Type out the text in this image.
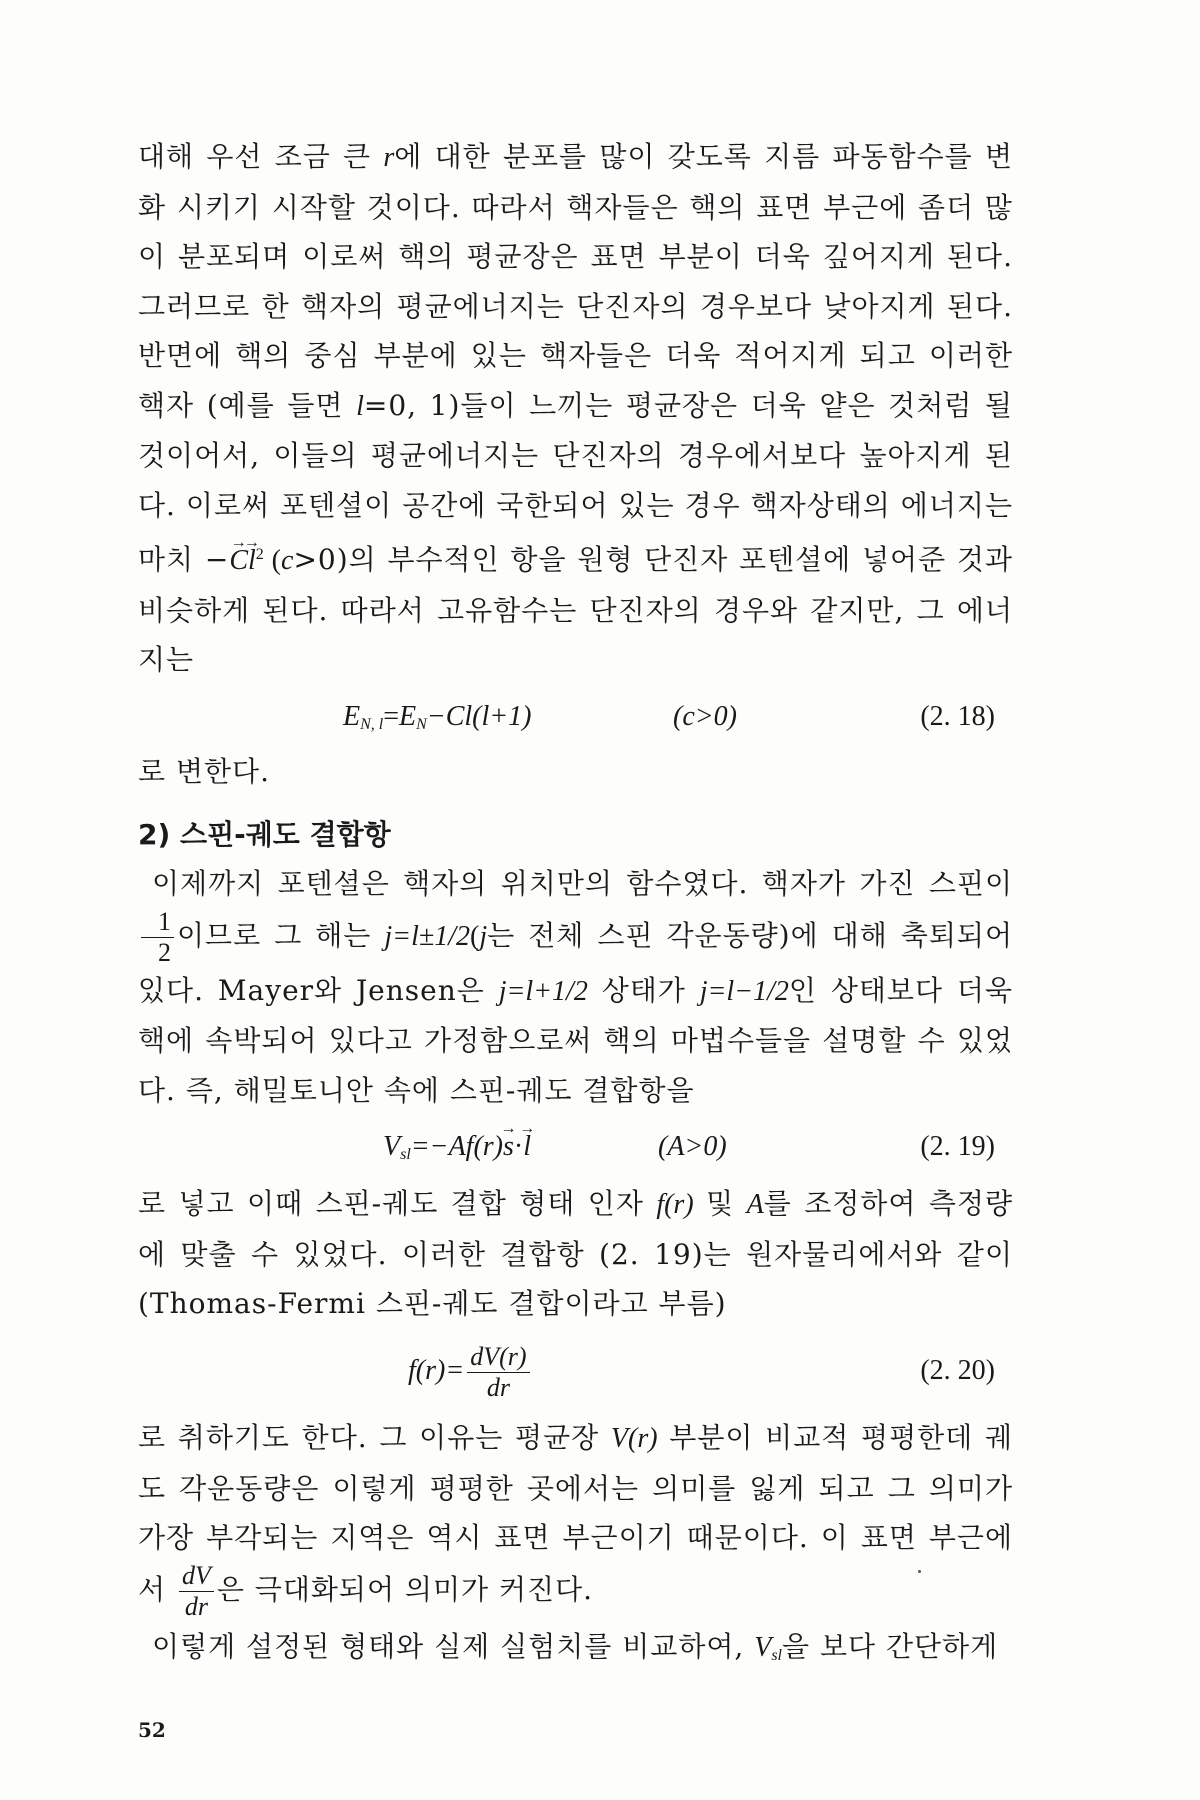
대해 우선 조금 큰 r에 대한 분포를 많이 갖도록 지름 파동함수를 변화 시키기 시작할 것이다. 따라서 핵자들은 핵의 표면 부근에 좀더 많이 분포되며 이로써 핵의 평균장은 표면 부분이 더욱 깊어지게 된다. 그러므로 한 핵자의 평균에너지는 단진자의 경우보다 낮아지게 된다. 반면에 핵의 중심 부분에 있는 핵자들은 더욱 적어지게 되고 이러한 핵자 (예를 들면 l=0, 1)들이 느끼는 평균장은 더욱 얕은 것처럼 될 것이어서, 이들의 평균에너지는 단진자의 경우에서보다 높아지게 된다. 이로써 포텐셜이 공간에 국한되어 있는 경우 핵자상태의 에너지는 마치 −→ $C\to l^2$ (c>0)의 부수적인 항을 원형 단진자 포텐셜에 넣어준 것과 비슷하게 된다. 따라서 고유함수는 단진자의 경우와 같지만, 그 에너지는

$E_{N, l}=E_N-Cl(l+1)$	(c>0)	(2. 18)
로 변한다.
2) 스핀-궤도 결합항

이제까지 포텐셜은 핵자의 위치만의 함수였다. 핵자가 가진 스핀이
$\frac{1}{2}$ 이므로 그 해는 j=l±1/2(j는 전체 스핀 각운동량)에 대해 축퇴되어 있다. Mayer와 Jensen은 j=l+1/2 상태가 j=l−1/2인 상태보다 더욱 핵에 속박되어 있다고 가정함으로써 핵의 마법수들을 설명할 수 있었다. 즉, 해밀토니안 속에 스핀-궤도 결합항을

52
$V_{sl}=-Af(r)\to s\cdot\to l$	(A>0)	(2. 19)

로 넣고 이때 스핀-궤도 결합 형태 인자 f(r) 및 A를 조정하여 측정량에 맞출 수 있었다. 이러한 결합항 (2. 19)는 원자물리에서와 같이 (Thomas-Fermi 스핀-궤도 결합이라고 부름)

$f(r)= \frac{dV(r)}{dr}$	(2. 20)

로 취하기도 한다. 그 이유는 평균장 V(r) 부분이 비교적 평평한데 궤도 각운동량은 이렇게 평평한 곳에서는 의미를 잃게 되고 그 의미가 가장 부각되는 지역은 역시 표면 부근이기 때문이다. 이 표면 부근에서 $\frac{dV}{dr}$ 은 극대화되어 의미가 커진다.

이렇게 설정된 형태와 실제 실험치를 비교하여, $V_{sl}$을 보다 간단하게
